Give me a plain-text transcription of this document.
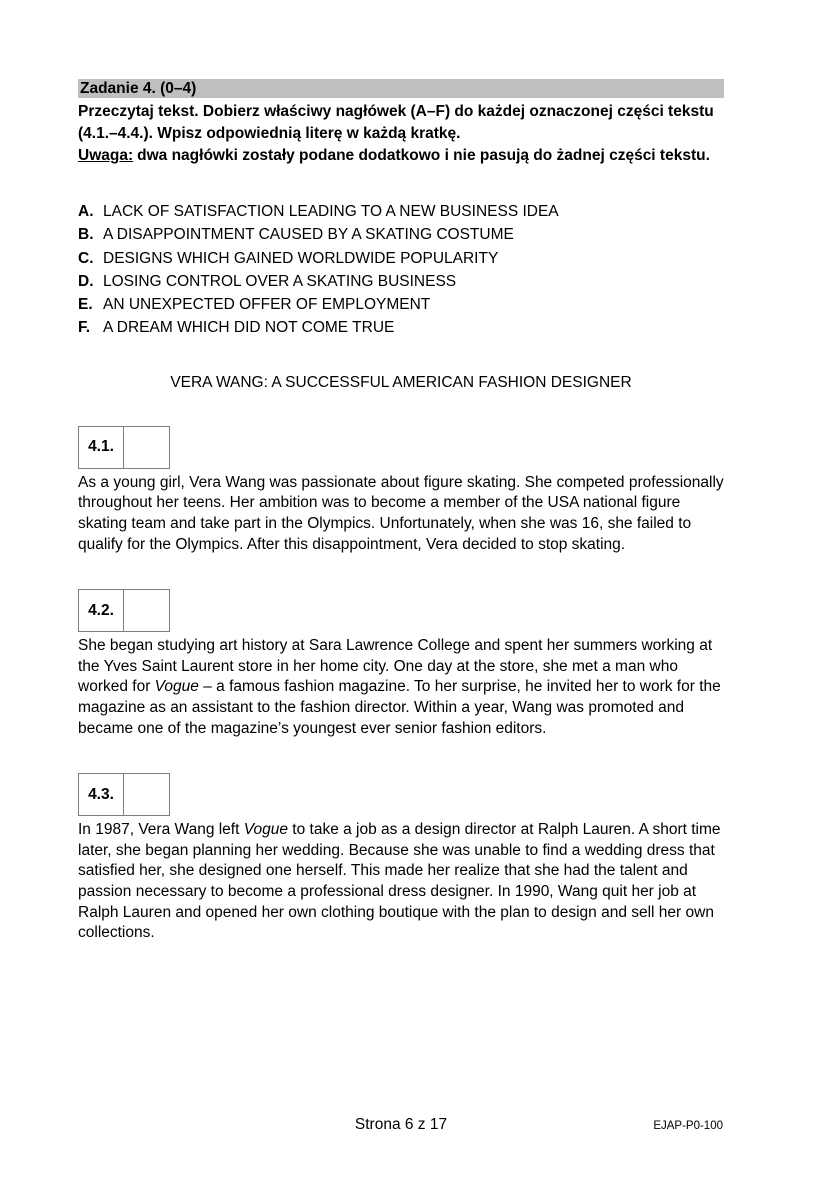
Zadanie 4. (0–4)
Przeczytaj tekst. Dobierz właściwy nagłówek (A–F) do każdej oznaczonej części tekstu
(4.1.–4.4.). Wpisz odpowiednią literę w każdą kratkę.
Uwaga: dwa nagłówki zostały podane dodatkowo i nie pasują do żadnej części tekstu.
A. LACK OF SATISFACTION LEADING TO A NEW BUSINESS IDEA
B. A DISAPPOINTMENT CAUSED BY A SKATING COSTUME
C. DESIGNS WHICH GAINED WORLDWIDE POPULARITY
D. LOSING CONTROL OVER A SKATING BUSINESS
E. AN UNEXPECTED OFFER OF EMPLOYMENT
F. A DREAM WHICH DID NOT COME TRUE
VERA WANG: A SUCCESSFUL AMERICAN FASHION DESIGNER
4.1.

As a young girl, Vera Wang was passionate about figure skating. She competed professionally throughout her teens. Her ambition was to become a member of the USA national figure skating team and take part in the Olympics. Unfortunately, when she was 16, she failed to qualify for the Olympics. After this disappointment, Vera decided to stop skating.

4.2.

She began studying art history at Sara Lawrence College and spent her summers working at the Yves Saint Laurent store in her home city. One day at the store, she met a man who worked for Vogue – a famous fashion magazine. To her surprise, he invited her to work for the magazine as an assistant to the fashion director. Within a year, Wang was promoted and became one of the magazine’s youngest ever senior fashion editors.

4.3.

In 1987, Vera Wang left Vogue to take a job as a design director at Ralph Lauren. A short time later, she began planning her wedding. Because she was unable to find a wedding dress that satisfied her, she designed one herself. This made her realize that she had the talent and passion necessary to become a professional dress designer. In 1990, Wang quit her job at Ralph Lauren and opened her own clothing boutique with the plan to design and sell her own collections.

Strona 6 z 17	EJAP-P0-100
